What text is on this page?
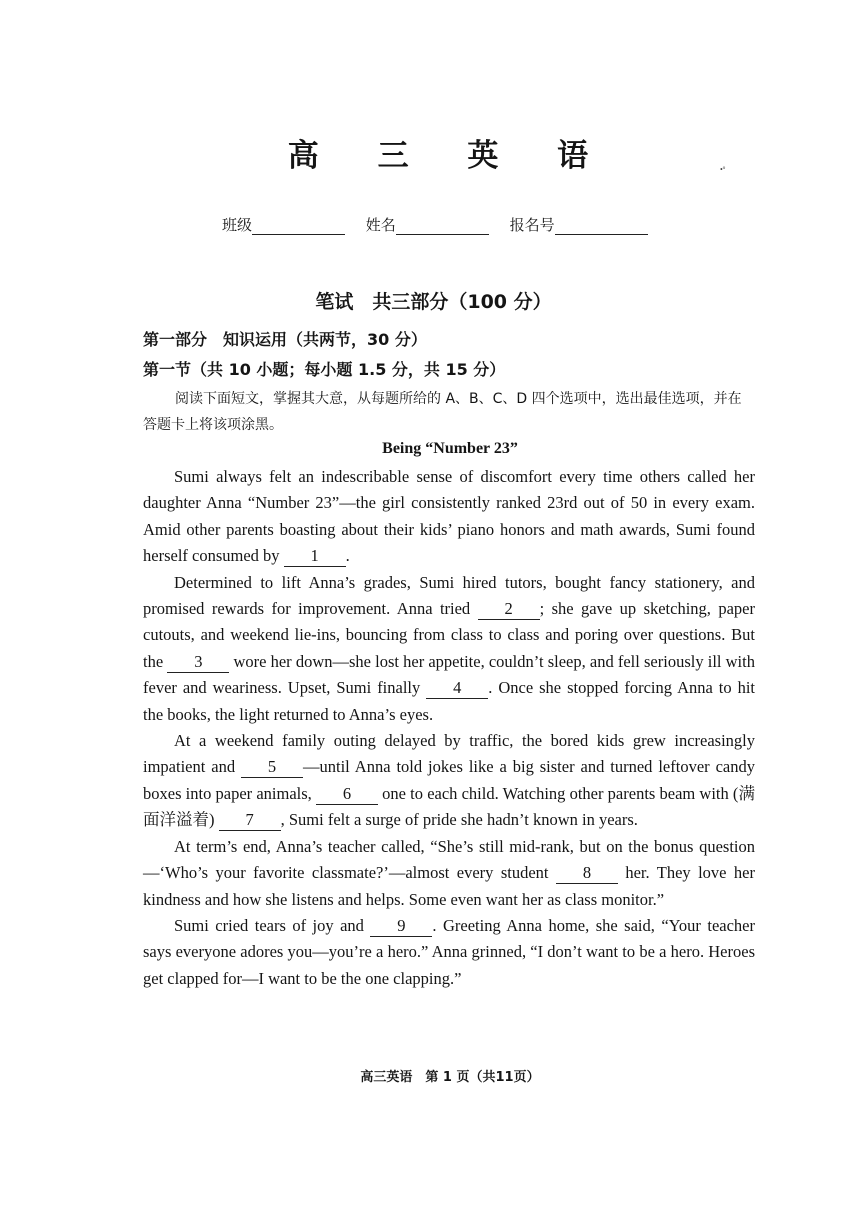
高 三 英 语	•º
班级	姓名	报名号
笔试　共三部分（100 分）
第一部分　知识运用（共两节，30 分）
第一节（共 10 小题；每小题 1.5 分，共 15 分）

阅读下面短文，掌握其大意，从每题所给的 A、B、C、D 四个选项中，选出最佳选项，并在答题卡上将该项涂黑。

Being “Number 23”

Sumi always felt an indescribable sense of discomfort every time others called her daughter Anna “Number 23”—the girl consistently ranked 23rd out of 50 in every exam. Amid other parents boasting about their kids’ piano honors and math awards, Sumi found herself consumed by 1 .

Determined to lift Anna’s grades, Sumi hired tutors, bought fancy stationery, and promised rewards for improvement. Anna tried 2 ; she gave up sketching, paper cutouts, and weekend lie-ins, bouncing from class to class and poring over questions. But the 3 wore her down—she lost her appetite, couldn’t sleep, and fell seriously ill with fever and weariness. Upset, Sumi finally 4 . Once she stopped forcing Anna to hit the books, the light returned to Anna’s eyes.

At a weekend family outing delayed by traffic, the bored kids grew increasingly impatient and 5 —until Anna told jokes like a big sister and turned leftover candy boxes into paper animals, 6 one to each child. Watching other parents beam with (满面洋溢着) 7 , Sumi felt a surge of pride she hadn’t known in years.

At term’s end, Anna’s teacher called, “She’s still mid-rank, but on the bonus question—‘Who’s your favorite classmate?’—almost every student 8 her. They love her kindness and how she listens and helps. Some even want her as class monitor.”

Sumi cried tears of joy and 9 . Greeting Anna home, she said, “Your teacher says everyone adores you—you’re a hero.” Anna grinned, “I don’t want to be a hero. Heroes get clapped for—I want to be the one clapping.”

高三英语　第 1 页（共11页）
